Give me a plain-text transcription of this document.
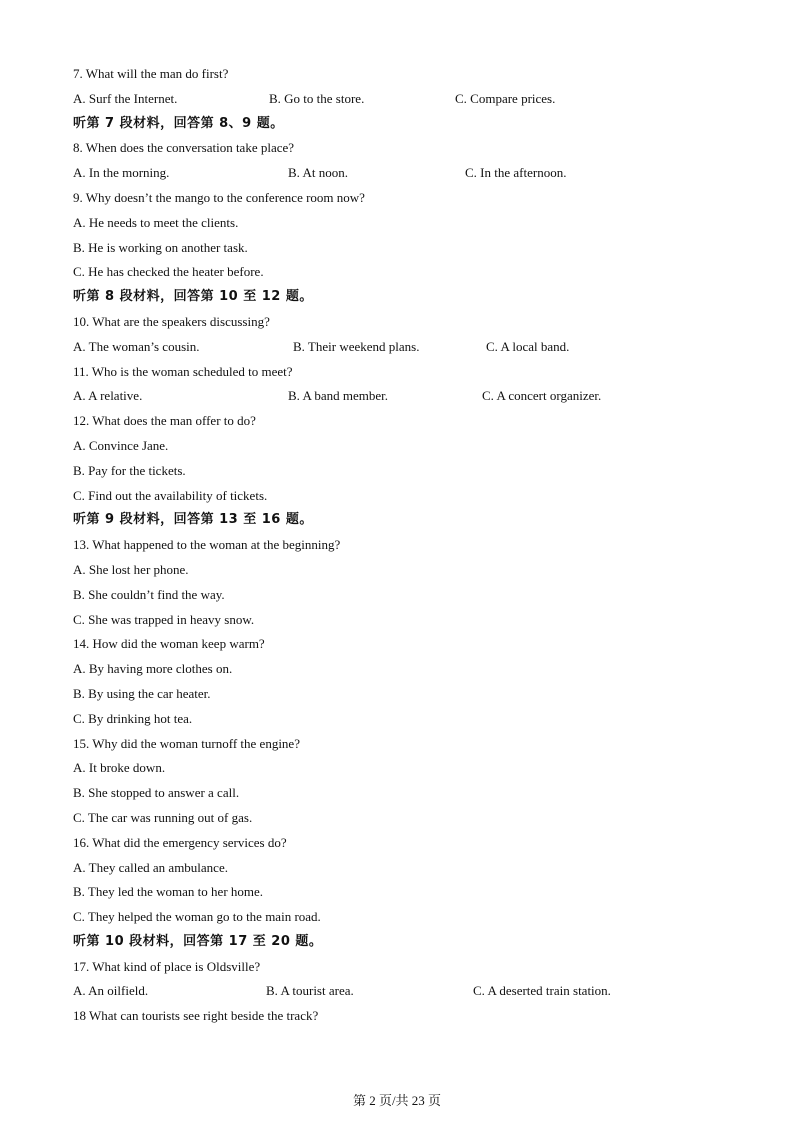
7. What will the man do first?
A. Surf the Internet.	B. Go to the store.	C. Compare prices.
听第 7 段材料，回答第 8、9 题。
8. When does the conversation take place?
A. In the morning.	B. At noon.	C. In the afternoon.
9. Why doesn’t the mango to the conference room now?
A. He needs to meet the clients.
B. He is working on another task.
C. He has checked the heater before.
听第 8 段材料，回答第 10 至 12 题。
10. What are the speakers discussing?
A. The woman’s cousin.	B. Their weekend plans.	C. A local band.
11. Who is the woman scheduled to meet?
A. A relative.	B. A band member.	C. A concert organizer.
12. What does the man offer to do?
A. Convince Jane.
B. Pay for the tickets.
C. Find out the availability of tickets.
听第 9 段材料，回答第 13 至 16 题。
13. What happened to the woman at the beginning?
A. She lost her phone.
B. She couldn’t find the way.
C. She was trapped in heavy snow.
14. How did the woman keep warm?
A. By having more clothes on.
B. By using the car heater.
C. By drinking hot tea.
15. Why did the woman turnoff the engine?
A. It broke down.
B. She stopped to answer a call.
C. The car was running out of gas.
16. What did the emergency services do?
A. They called an ambulance.
B. They led the woman to her home.
C. They helped the woman go to the main road.
听第 10 段材料，回答第 17 至 20 题。
17. What kind of place is Oldsville?
A. An oilfield.	B. A tourist area.	C. A deserted train station.
18 What can tourists see right beside the track?
第 2 页/共 23 页
